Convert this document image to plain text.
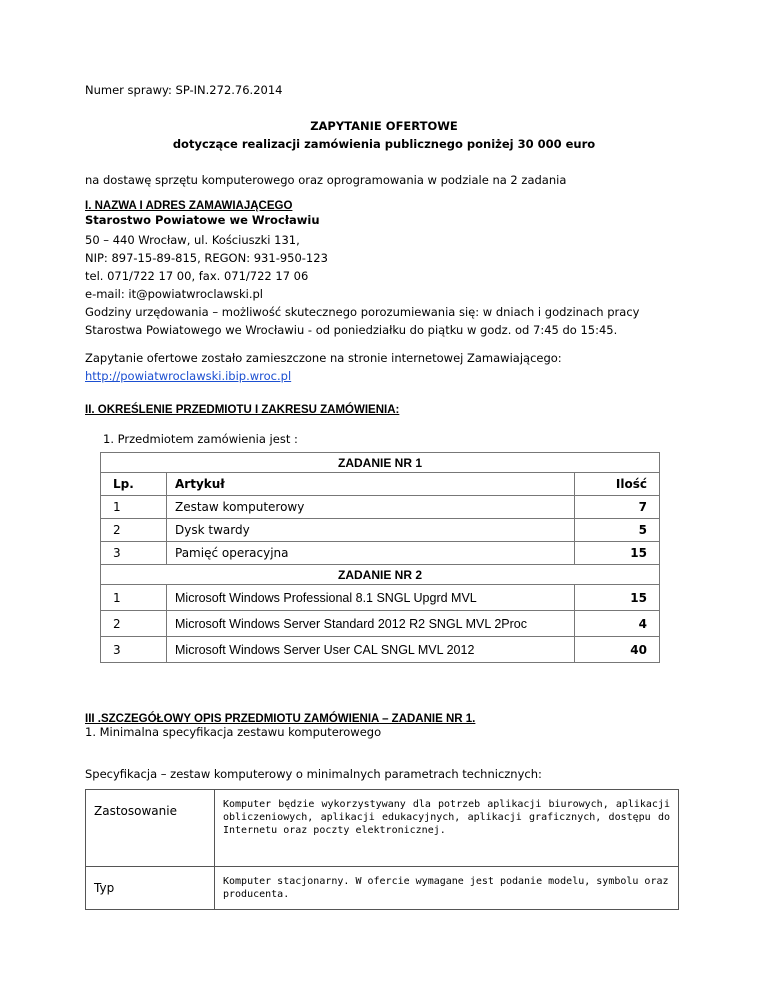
Numer sprawy: SP-IN.272.76.2014
ZAPYTANIE OFERTOWE
dotyczące realizacji zamówienia publicznego poniżej 30 000 euro
na dostawę sprzętu komputerowego oraz oprogramowania w podziale na 2 zadania
I. NAZWA I ADRES ZAMAWIAJĄCEGO
Starostwo Powiatowe we Wrocławiu
50 – 440 Wrocław, ul. Kościuszki 131,
NIP: 897-15-89-815, REGON: 931-950-123
tel. 071/722 17 00, fax. 071/722 17 06
e-mail: it@powiatwroclawski.pl
Godziny urzędowania – możliwość skutecznego porozumiewania się: w dniach i godzinach pracy
Starostwa Powiatowego we Wrocławiu - od poniedziałku do piątku w godz. od 7:45 do 15:45.
Zapytanie ofertowe zostało zamieszczone na stronie internetowej Zamawiającego:
http://powiatwroclawski.ibip.wroc.pl
II. OKREŚLENIE PRZEDMIOTU I ZAKRESU ZAMÓWIENIA:
1. Przedmiotem zamówienia jest :
ZADANIE NR 1		
Lp.	Artykuł	Ilość
1	Zestaw komputerowy	7
2	Dysk twardy	5
3	Pamięć operacyjna	15
ZADANIE NR 2		
1	Microsoft Windows Professional 8.1 SNGL Upgrd MVL	15
2	Microsoft Windows Server Standard 2012 R2 SNGL MVL 2Proc	4
3	Microsoft Windows Server User CAL SNGL MVL 2012	40
III .SZCZEGÓŁOWY OPIS PRZEDMIOTU ZAMÓWIENIA – ZADANIE NR 1.
1. Minimalna specyfikacja zestawu komputerowego
Specyfikacja – zestaw komputerowy o minimalnych parametrach technicznych:
Zastosowanie	Komputer będzie wykorzystywany dla potrzeb aplikacji biurowych, aplikacji obliczeniowych, aplikacji edukacyjnych, aplikacji graficznych, dostępu do Internetu oraz poczty elektronicznej.
Typ	Komputer stacjonarny. W ofercie wymagane jest podanie modelu, symbolu oraz producenta.
